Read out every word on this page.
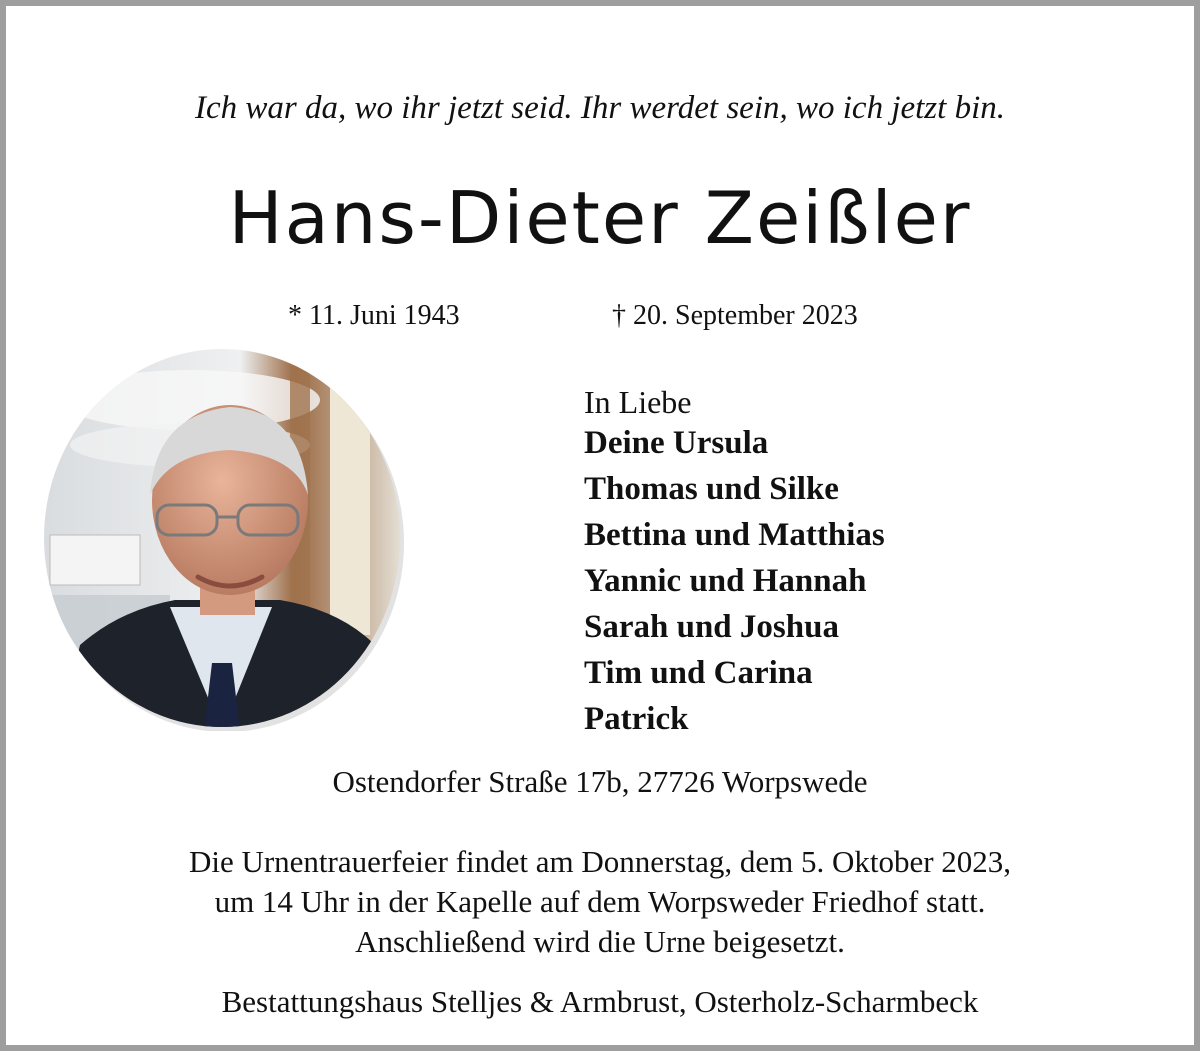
Ich war da, wo ihr jetzt seid. Ihr werdet sein, wo ich jetzt bin.
Hans-Dieter Zeißler
* 11. Juni 1943	† 20. September 2023
In Liebe
Deine Ursula
Thomas und Silke
Bettina und Matthias
Yannic und Hannah
Sarah und Joshua
Tim und Carina
Patrick
Ostendorfer Straße 17b, 27726 Worpswede
Die Urnentrauerfeier findet am Donnerstag, dem 5. Oktober 2023,
um 14 Uhr in der Kapelle auf dem Worpsweder Friedhof statt.
Anschließend wird die Urne beigesetzt.
Bestattungshaus Stelljes & Armbrust, Osterholz-Scharmbeck
